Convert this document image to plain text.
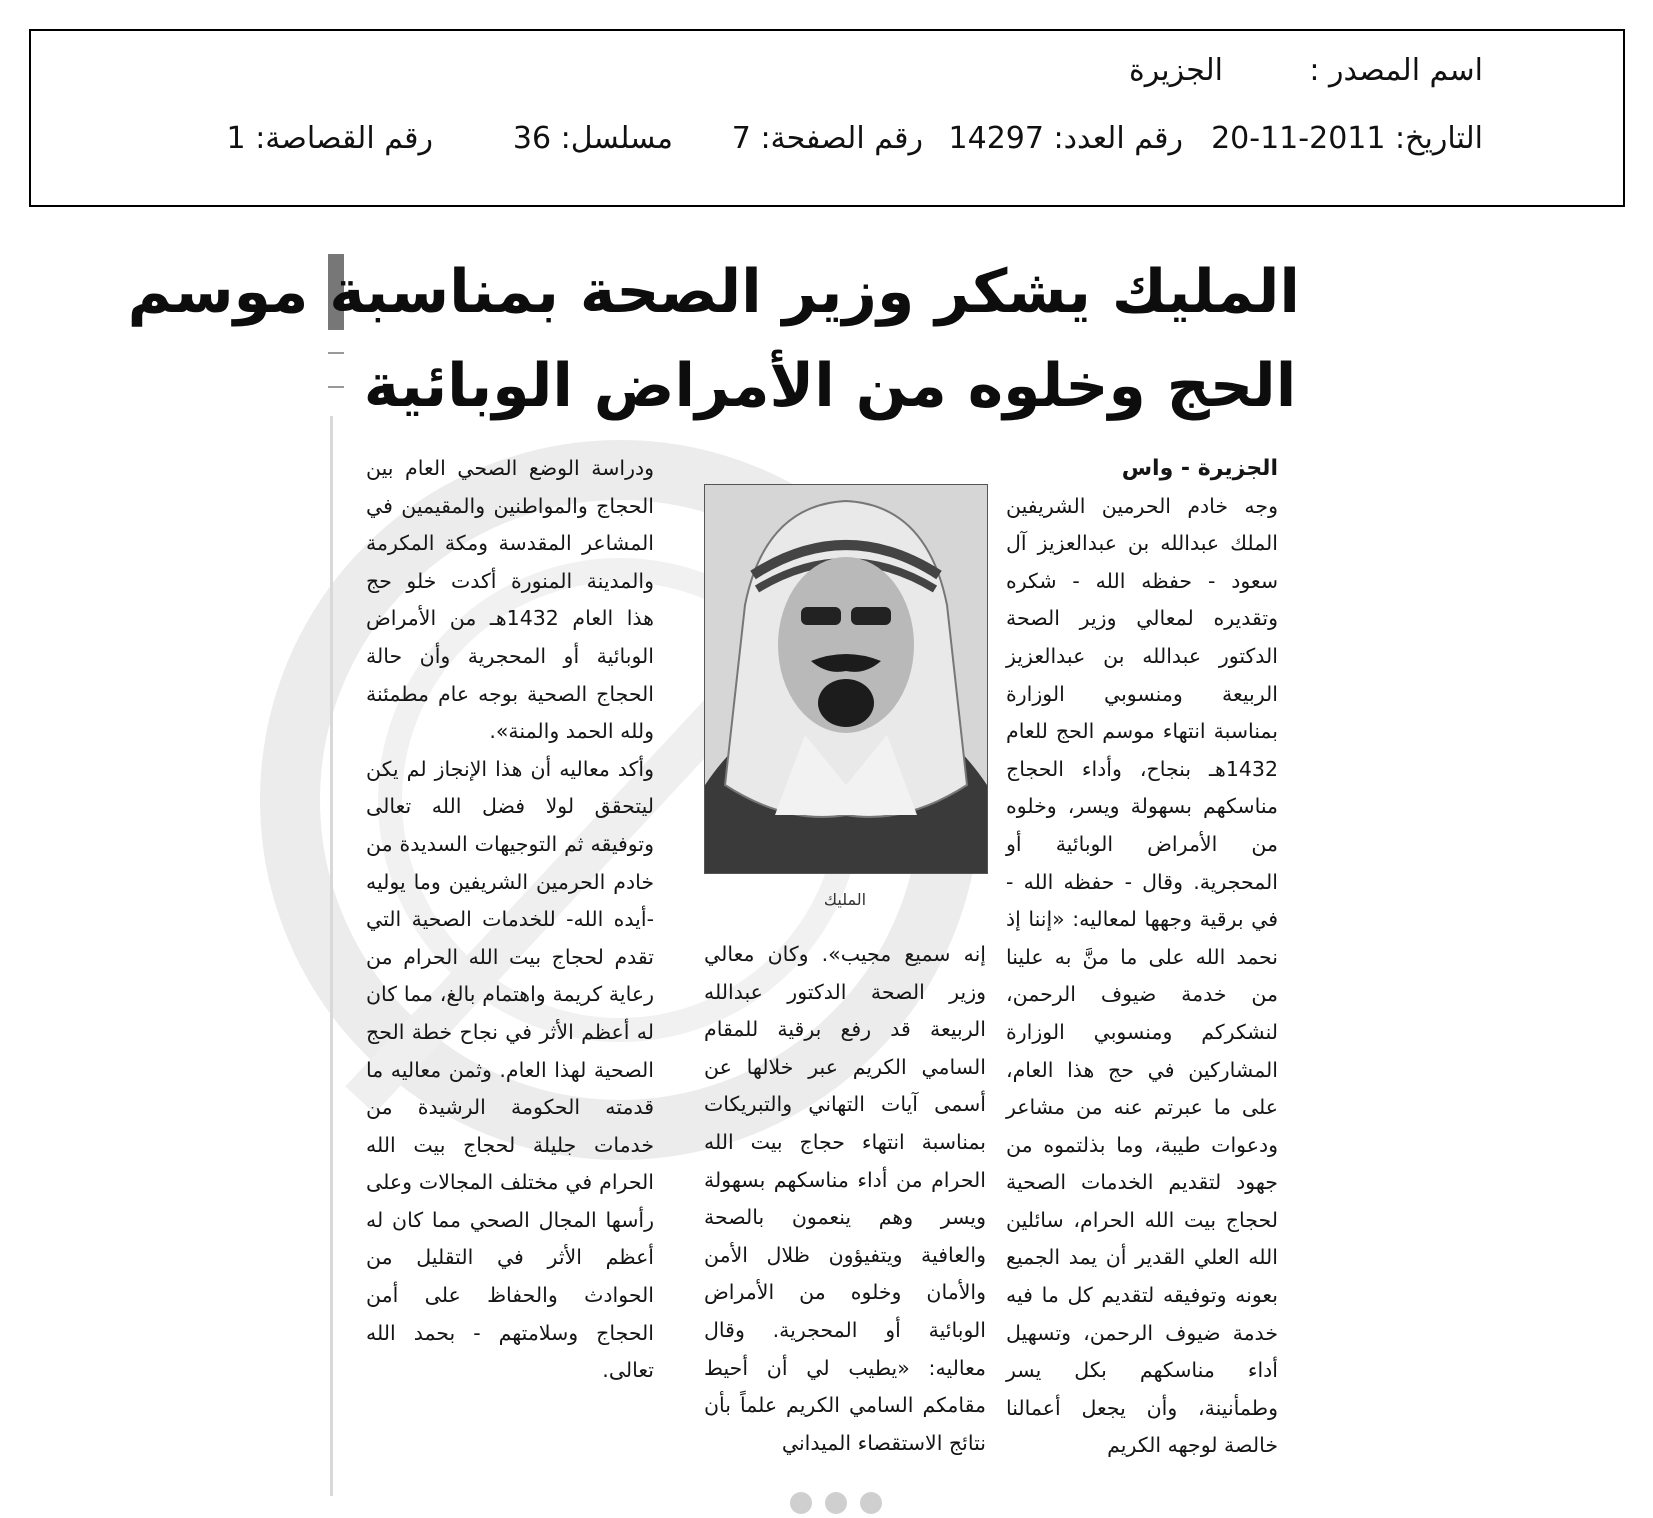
اسم المصدر :
الجزيرة
التاريخ: 2011-11-20
رقم العدد: 14297
رقم الصفحة: 7
مسلسل: 36
رقم القصاصة: 1
المليك يشكر وزير الصحة بمناسبة موسم
الحج وخلوه من الأمراض الوبائية
الجزيرة - واس
وجه خادم الحرمين الشريفين الملك عبدالله بن عبدالعزيز آل سعود - حفظه الله - شكره وتقديره لمعالي وزير الصحة الدكتور عبدالله بن عبدالعزيز الربيعة ومنسوبي الوزارة بمناسبة انتهاء موسم الحج للعام 1432هـ بنجاح، وأداء الحجاج مناسكهم بسهولة ويسر، وخلوه من الأمراض الوبائية أو المحجرية. وقال - حفظه الله - في برقية وجهها لمعاليه: «إننا إذ نحمد الله على ما منَّ به علينا من خدمة ضيوف الرحمن، لنشكركم ومنسوبي الوزارة المشاركين في حج هذا العام، على ما عبرتم عنه من مشاعر ودعوات طيبة، وما بذلتموه من جهود لتقديم الخدمات الصحية لحجاج بيت الله الحرام، سائلين الله العلي القدير أن يمد الجميع بعونه وتوفيقه لتقديم كل ما فيه خدمة ضيوف الرحمن، وتسهيل أداء مناسكهم بكل يسر وطمأنينة، وأن يجعل أعمالنا خالصة لوجهه الكريم
المليك
إنه سميع مجيب». وكان معالي وزير الصحة الدكتور عبدالله الربيعة قد رفع برقية للمقام السامي الكريم عبر خلالها عن أسمى آيات التهاني والتبريكات بمناسبة انتهاء حجاج بيت الله الحرام من أداء مناسكهم بسهولة ويسر وهم ينعمون بالصحة والعافية ويتفيؤون ظلال الأمن والأمان وخلوه من الأمراض الوبائية أو المحجرية. وقال معاليه: «يطيب لي أن أحيط مقامكم السامي الكريم علماً بأن نتائج الاستقصاء الميداني
ودراسة الوضع الصحي العام بين الحجاج والمواطنين والمقيمين في المشاعر المقدسة ومكة المكرمة والمدينة المنورة أكدت خلو حج هذا العام 1432هـ من الأمراض الوبائية أو المحجرية وأن حالة الحجاج الصحية بوجه عام مطمئنة ولله الحمد والمنة».
وأكد معاليه أن هذا الإنجاز لم يكن ليتحقق لولا فضل الله تعالى وتوفيقه ثم التوجيهات السديدة من خادم الحرمين الشريفين وما يوليه -أيده الله- للخدمات الصحية التي تقدم لحجاج بيت الله الحرام من رعاية كريمة واهتمام بالغ، مما كان له أعظم الأثر في نجاح خطة الحج الصحية لهذا العام. وثمن معاليه ما قدمته الحكومة الرشيدة من خدمات جليلة لحجاج بيت الله الحرام في مختلف المجالات وعلى رأسها المجال الصحي مما كان له أعظم الأثر في التقليل من الحوادث والحفاظ على أمن الحجاج وسلامتهم - بحمد الله تعالى.
